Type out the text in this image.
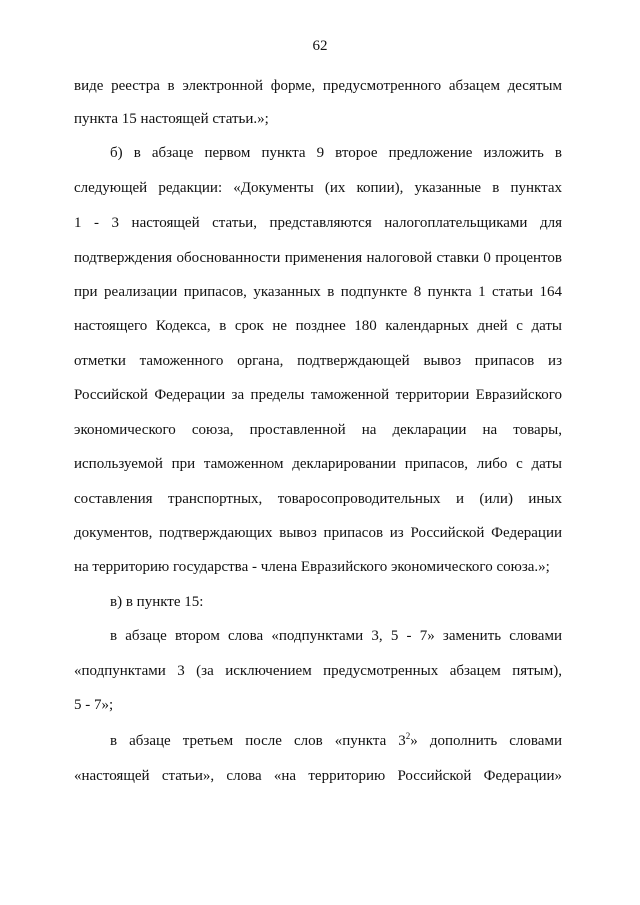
62
виде реестра в электронной форме, предусмотренного абзацем десятым
пункта 15 настоящей статьи.»;
б) в абзаце первом пункта 9 второе предложение изложить в
следующей редакции: «Документы (их копии), указанные в пунктах
1 - 3 настоящей статьи, представляются налогоплательщиками для
подтверждения обоснованности применения налоговой ставки 0 процентов
при реализации припасов, указанных в подпункте 8 пункта 1 статьи 164
настоящего Кодекса, в срок не позднее 180 календарных дней с даты
отметки таможенного органа, подтверждающей вывоз припасов из
Российской Федерации за пределы таможенной территории Евразийского
экономического союза, проставленной на декларации на товары,
используемой при таможенном декларировании припасов, либо с даты
составления транспортных, товаросопроводительных и (или) иных
документов, подтверждающих вывоз припасов из Российской Федерации
на территорию государства - члена Евразийского экономического союза.»;
в) в пункте 15:
в абзаце втором слова «подпунктами 3, 5 - 7» заменить словами
«подпунктами 3 (за исключением предусмотренных абзацем пятым),
5 - 7»;
в абзаце третьем после слов «пункта $3^2$» дополнить словами
«настоящей статьи», слова «на территорию Российской Федерации»
